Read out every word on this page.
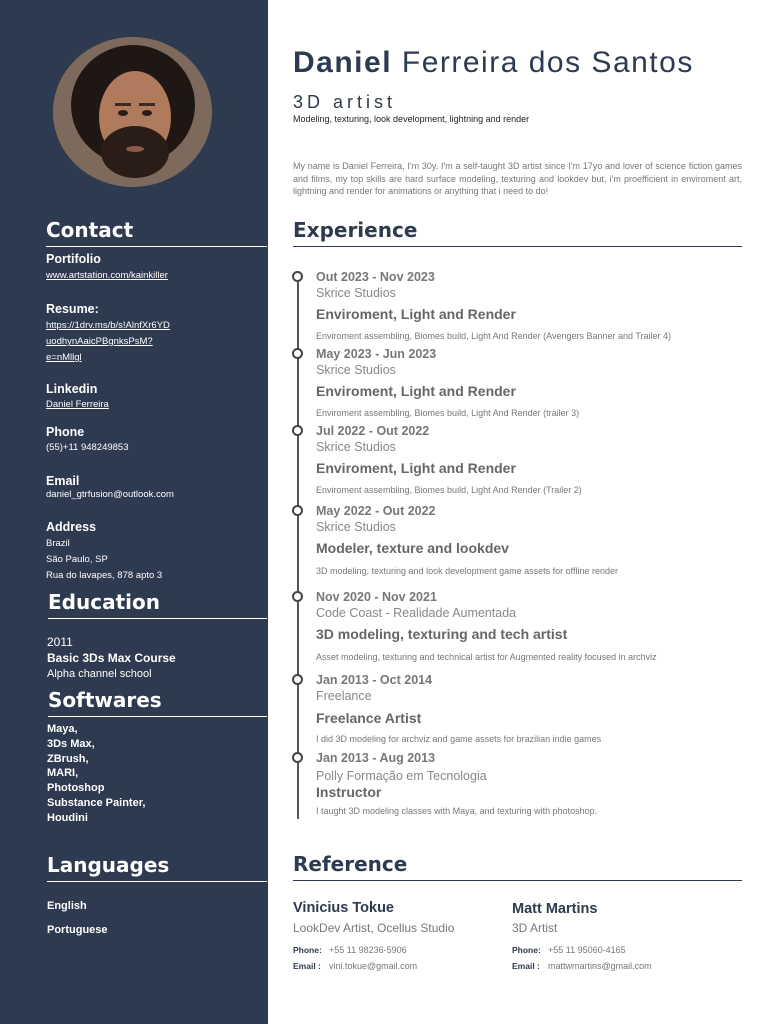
Contact
Portifolio
www.artstation.com/kainkiller
Resume:
https://1drv.ms/b/s!AlnfXr6YD
uodhynAaicPBgnksPsM?
e=nMllgl
Linkedin
Daniel Ferreira
Phone
(55)+11 948249853
Email
daniel_gtrfusion@outlook.com
Address
Brazil
São Paulo, SP
Rua do lavapes, 878 apto 3
Education
2011
Basic 3Ds Max Course
Alpha channel school
Softwares
Maya,
3Ds Max,
ZBrush,
MARI,
Photoshop
Substance Painter,
Houdini
Languages
English
Portuguese
Daniel Ferreira dos Santos
3D artist
Modeling, texturing, look development, lightning and render
My name is Daniel Ferreira, I'm 30y. I'm a self-taught 3D artist since I'm 17yo and lover of science fiction games and films, my top skills are hard surface modeling, texturing and lookdev but, i'm proefficient in enviroment art, lightning and render for animations or anything that i need to do!
Experience
Out 2023 - Nov 2023
Skrice Studios
Enviroment, Light and Render
Enviroment assembling, Biomes build, Light And Render (Avengers Banner and Trailer 4)
May 2023 - Jun 2023
Skrice Studios
Enviroment, Light and Render
Enviroment assembling, Biomes build, Light And Render (trailer 3)
Jul 2022 - Out 2022
Skrice Studios
Enviroment, Light and Render
Enviroment assembling, Biomes build, Light And Render (Trailer 2)
May 2022 - Out 2022
Skrice Studios
Modeler, texture and lookdev
3D modeling, texturing and look development game assets for offline render
Nov 2020 - Nov 2021
Code Coast - Realidade Aumentada
3D modeling, texturing and tech artist
Asset modeling, texturing and technical artist for Augmented reality focused in archviz
Jan 2013 - Oct 2014
Freelance
Freelance Artist
I did 3D modeling for archviz and game assets for brazilian indie games
Jan 2013 - Aug 2013
Polly Formação em Tecnologia
Instructor
I taught 3D modeling classes with Maya, and texturing with photoshop.
Reference
Vinicius Tokue
LookDev Artist, Ocellus Studio
Phone: +55 11 98236-5906
Email : vini.tokue@gmail.com
Matt Martins
3D Artist
Phone: +55 11 95060-4165
Email : mattwmartins@gmail.com
